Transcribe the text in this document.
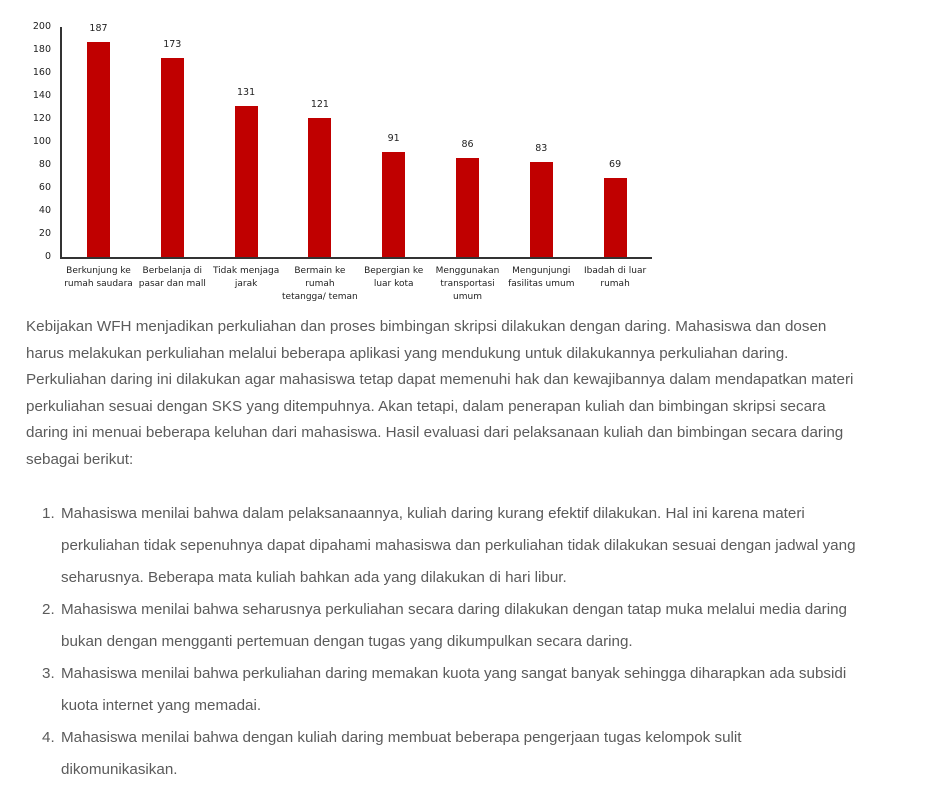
0
20
40
60
80
100
120
140
160
180
200	187
Berkunjung ke
rumah saudara
173
Berbelanja di
pasar dan mall
131
Tidak menjaga
jarak
121
Bermain ke
rumah
tetangga/ teman
91
Bepergian ke
luar kota
86
Menggunakan
transportasi
umum
83
Mengunjungi
fasilitas umum
69
Ibadah di luar
rumah

Kebijakan WFH menjadikan perkuliahan dan proses bimbingan skripsi dilakukan dengan daring. Mahasiswa dan dosen
harus melakukan perkuliahan melalui beberapa aplikasi yang mendukung untuk dilakukannya perkuliahan daring.
Perkuliahan daring ini dilakukan agar mahasiswa tetap dapat memenuhi hak dan kewajibannya dalam mendapatkan materi
perkuliahan sesuai dengan SKS yang ditempuhnya. Akan tetapi, dalam penerapan kuliah dan bimbingan skripsi secara
daring ini menuai beberapa keluhan dari mahasiswa. Hasil evaluasi dari pelaksanaan kuliah dan bimbingan secara daring
sebagai berikut:

1. Mahasiswa menilai bahwa dalam pelaksanaannya, kuliah daring kurang efektif dilakukan. Hal ini karena materi
perkuliahan tidak sepenuhnya dapat dipahami mahasiswa dan perkuliahan tidak dilakukan sesuai dengan jadwal yang
seharusnya. Beberapa mata kuliah bahkan ada yang dilakukan di hari libur.
2. Mahasiswa menilai bahwa seharusnya perkuliahan secara daring dilakukan dengan tatap muka melalui media daring
bukan dengan mengganti pertemuan dengan tugas yang dikumpulkan secara daring.
3. Mahasiswa menilai bahwa perkuliahan daring memakan kuota yang sangat banyak sehingga diharapkan ada subsidi
kuota internet yang memadai.
4. Mahasiswa menilai bahwa dengan kuliah daring membuat beberapa pengerjaan tugas kelompok sulit
dikomunikasikan.
